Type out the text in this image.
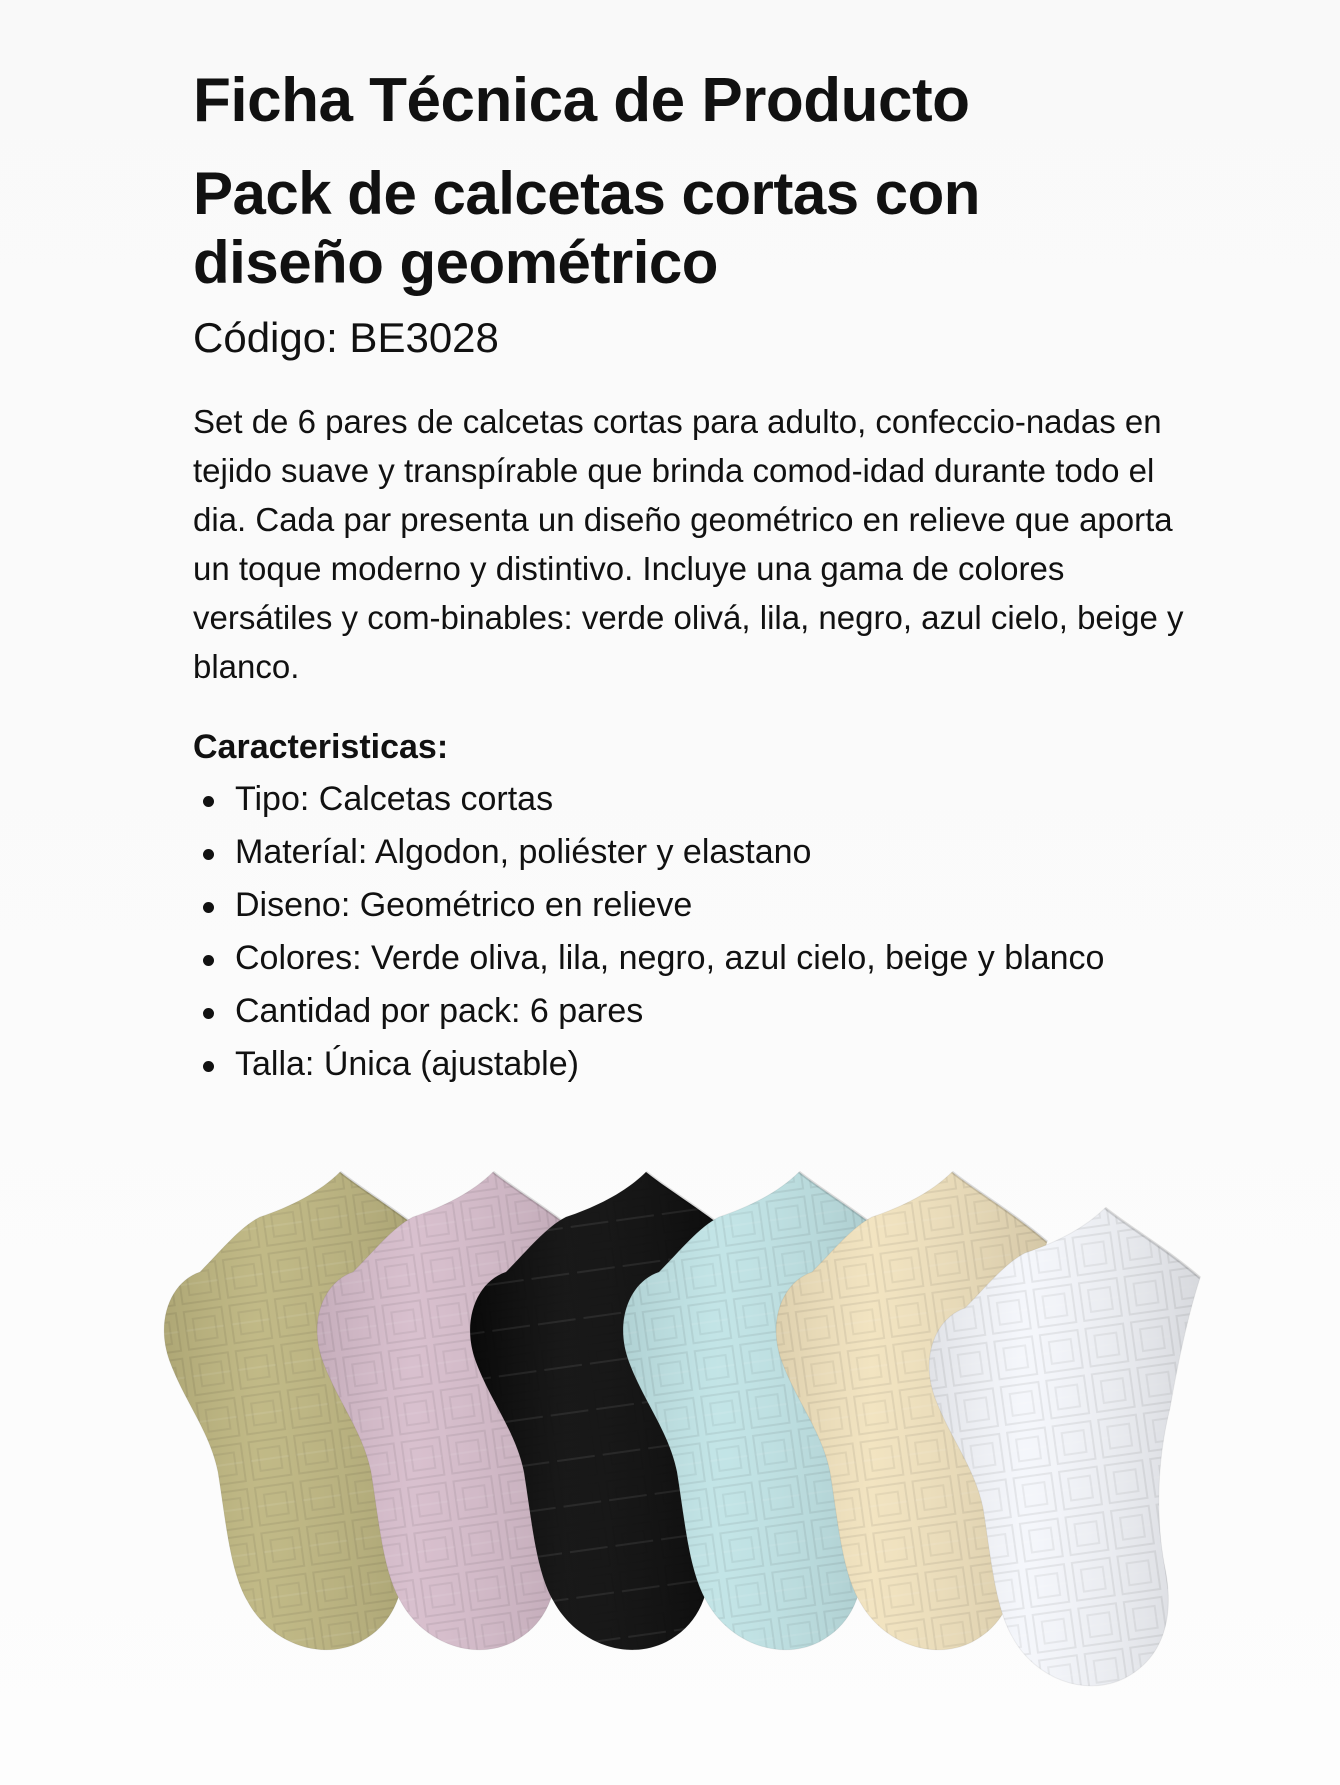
Ficha Técnica de Producto
Pack de calcetas cortas con diseño geométrico
Código: BE3028

Set de 6 pares de calcetas cortas para adulto, confeccio-nadas en tejido suave y transpírable que brinda comod-idad durante todo el dia. Cada par presenta un diseño geométrico en relieve que aporta un toque moderno y distintivo. Incluye una gama de colores versátiles y com-binables: verde olivá, lila, negro, azul cielo, beige y blanco.

Caracteristicas:
Tipo: Calcetas cortas
Matería​l: Algodon, poliéster y elastano
Diseno: Geométrico en relieve
Colores: Verde oliva, lila, negro, azul cielo, beige y blanco
Cantidad por pack: 6 pares
Talla: Única (ajustable)
